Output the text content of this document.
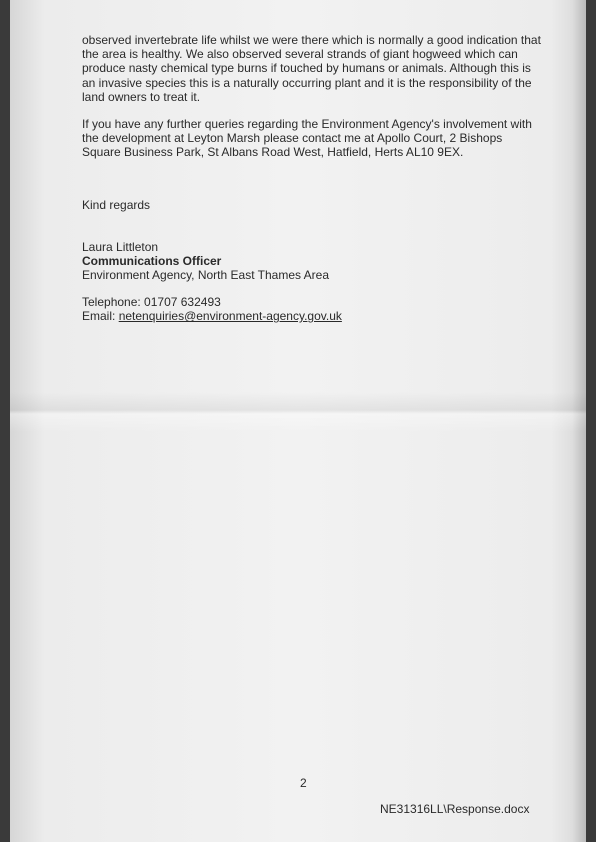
observed invertebrate life whilst we were there which is normally a good indication that the area is healthy. We also observed several strands of giant hogweed which can produce nasty chemical type burns if touched by humans or animals. Although this is an invasive species this is a naturally occurring plant and it is the responsibility of the land owners to treat it.

If you have any further queries regarding the Environment Agency's involvement with the development at Leyton Marsh please contact me at Apollo Court, 2 Bishops Square Business Park, St Albans Road West, Hatfield, Herts AL10 9EX.

Kind regards

Laura Littleton
Communications Officer
Environment Agency, North East Thames Area
Telephone: 01707 632493
Email: netenquiries@environment-agency.gov.uk
2
NE31316LL\Response.docx
